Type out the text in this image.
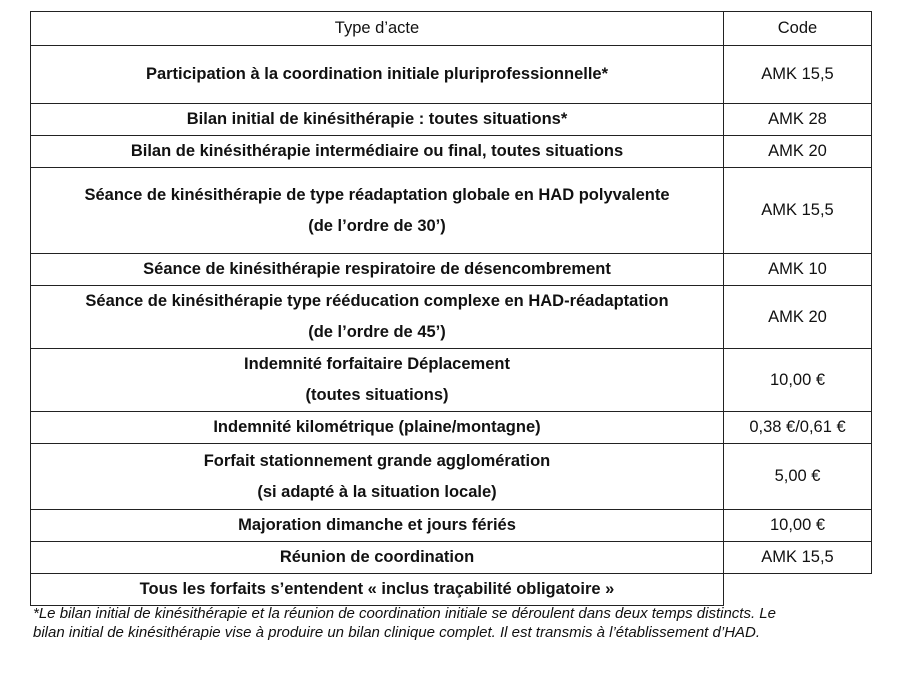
Type d’acte	Code

Participation à la coordination initiale pluriprofessionnelle*	AMK 15,5

Bilan initial de kinésithérapie : toutes situations*	AMK 28

Bilan de kinésithérapie intermédiaire ou final, toutes situations	AMK 20

Séance de kinésithérapie de type réadaptation globale en HAD polyvalente
(de l’ordre de 30’)	AMK 15,5

Séance de kinésithérapie respiratoire de désencombrement	AMK 10

Séance de kinésithérapie type rééducation complexe en HAD-réadaptation
(de l’ordre de 45’)	AMK 20

Indemnité forfaitaire Déplacement
(toutes situations)	10,00 €

Indemnité kilométrique (plaine/montagne)	0,38 €/0,61 €

Forfait stationnement grande agglomération
(si adapté à la situation locale)	5,00 €

Majoration dimanche et jours fériés	10,00 €

Réunion de coordination	AMK 15,5
Tous les forfaits s’entendent « inclus traçabilité obligatoire »	
*Le bilan initial de kinésithérapie et la réunion de coordination initiale se déroulent dans deux temps distincts. Le
bilan initial de kinésithérapie vise à produire un bilan clinique complet. Il est transmis à l’établissement d’HAD.
